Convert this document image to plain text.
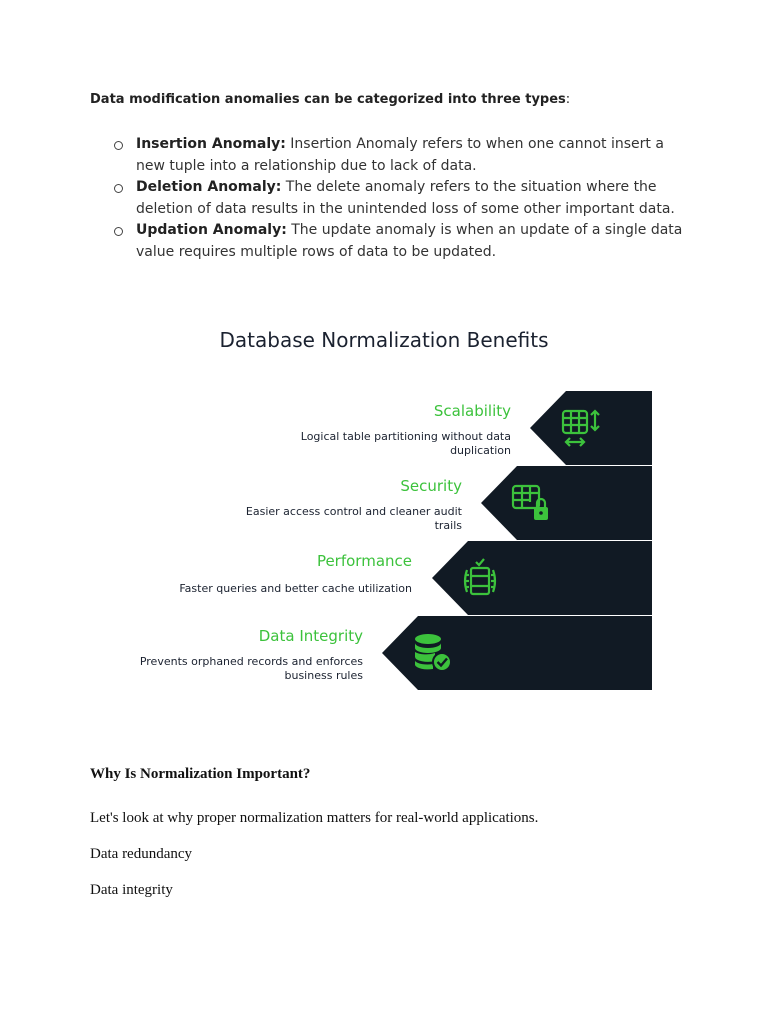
Data modification anomalies can be categorized into three types:
Insertion Anomaly: Insertion Anomaly refers to when one cannot insert a new tuple into a relationship due to lack of data.
Deletion Anomaly: The delete anomaly refers to the situation where the deletion of data results in the unintended loss of some other important data.
Updation Anomaly: The update anomaly is when an update of a single data value requires multiple rows of data to be updated.
Database Normalization Benefits
Scalability
Logical table partitioning without data duplication
Security
Easier access control and cleaner audit trails
Performance
Faster queries and better cache utilization
Data Integrity
Prevents orphaned records and enforces business rules
Why Is Normalization Important?
Let's look at why proper normalization matters for real-world applications.
Data redundancy
Data integrity
